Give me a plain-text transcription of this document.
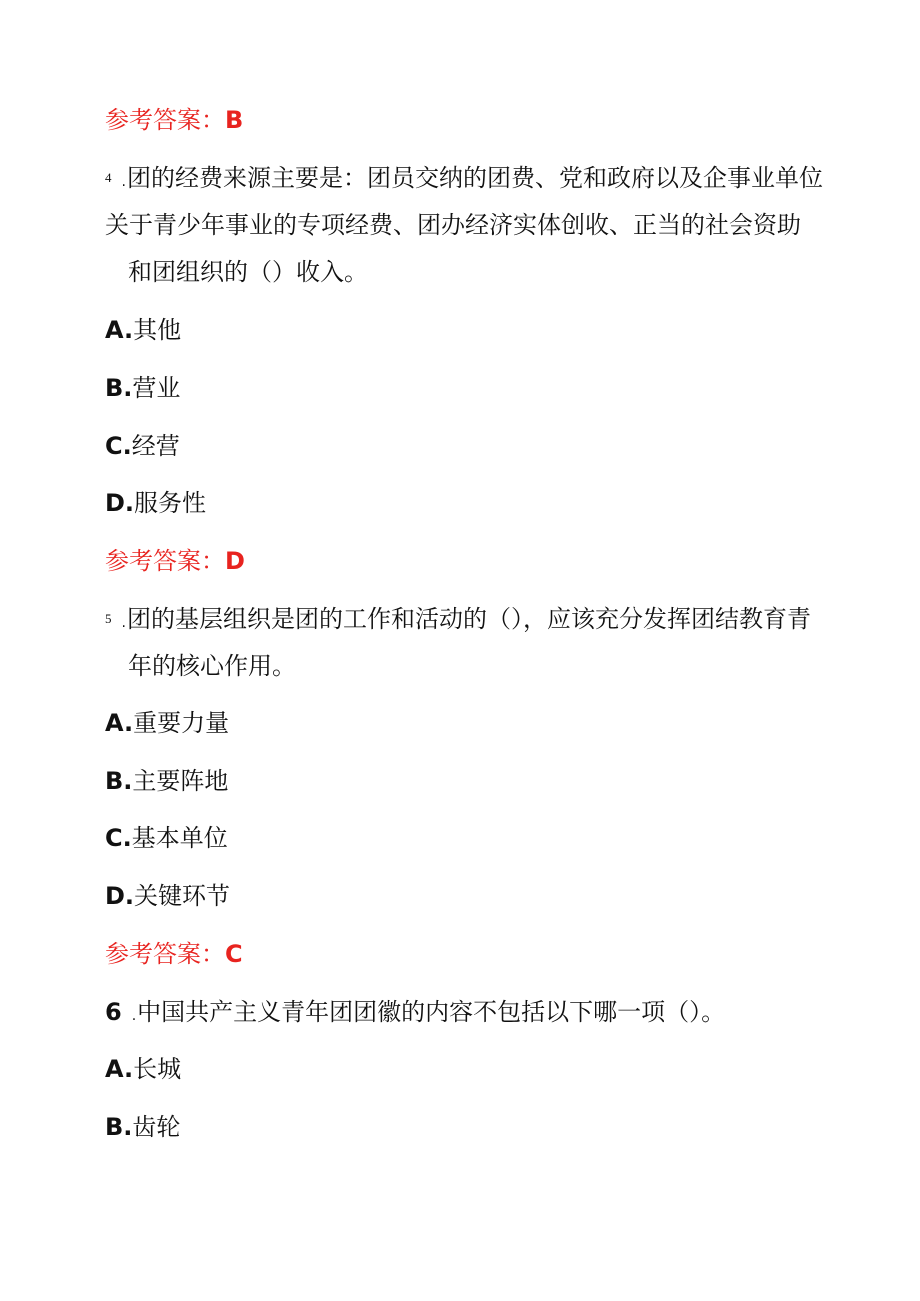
参考答案：B
4 .团的经费来源主要是：团员交纳的团费、党和政府以及企事业单位
关于青少年事业的专项经费、团办经济实体创收、正当的社会资助
和团组织的（）收入。
A.其他
B.营业
C.经营
D.服务性
参考答案：D
5 .团的基层组织是团的工作和活动的（），应该充分发挥团结教育青
年的核心作用。
A.重要力量
B.主要阵地
C.基本单位
D.关键环节
参考答案：C
6 .中国共产主义青年团团徽的内容不包括以下哪一项（）。
A.长城
B.齿轮
